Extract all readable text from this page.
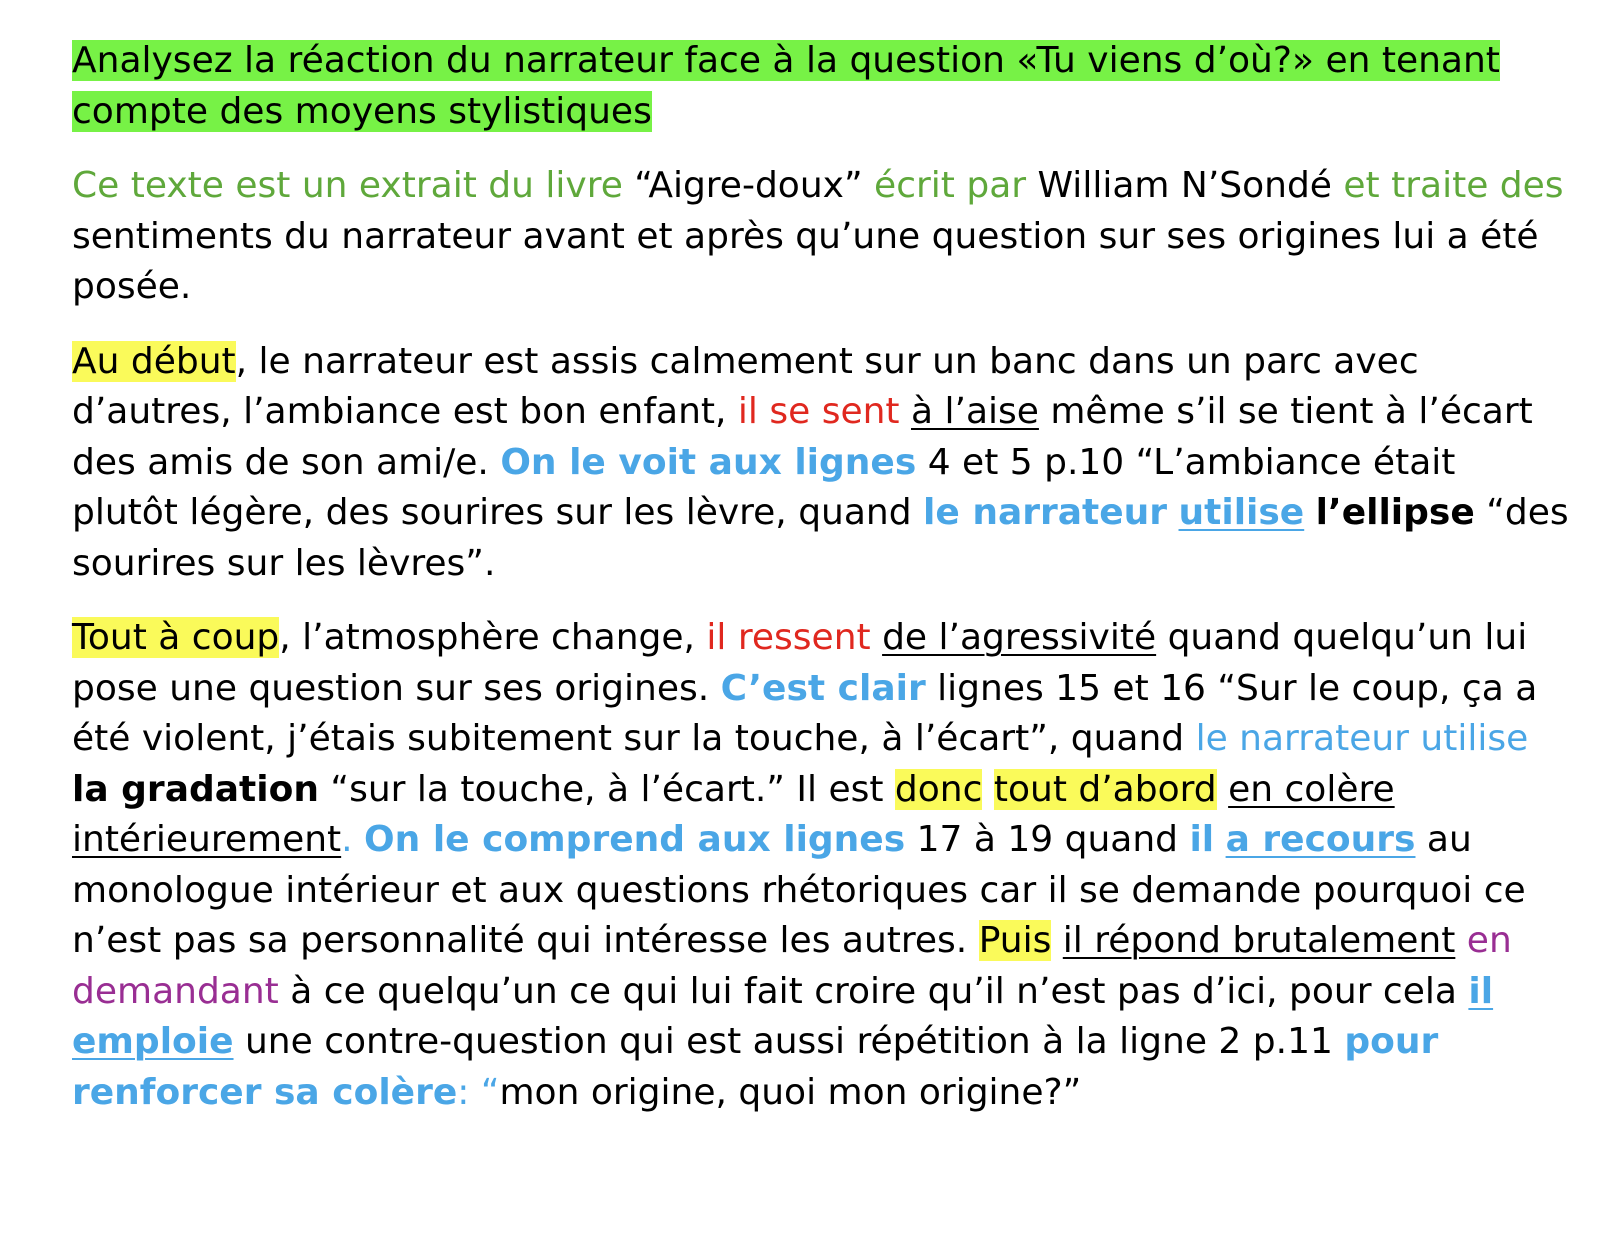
Analysez la réaction du narrateur face à la question «Tu viens d’où?» en tenant compte des moyens stylistiques

Ce texte est un extrait du livre “Aigre-doux” écrit par William N’Sondé et traite des sentiments du narrateur avant et après qu’une question sur ses origines lui a été posée.

Au début, le narrateur est assis calmement sur un banc dans un parc avec d’autres, l’ambiance est bon enfant, il se sent à l’aise même s’il se tient à l’écart des amis de son ami/e. On le voit aux lignes 4 et 5 p.10 “L’ambiance était plutôt légère, des sourires sur les lèvre, quand le narrateur utilise l’ellipse “des sourires sur les lèvres”.

Tout à coup, l’atmosphère change, il ressent de l’agressivité quand quelqu’un lui pose une question sur ses origines. C’est clair lignes 15 et 16 “Sur le coup, ça a été violent, j’étais subitement sur la touche, à l’écart”, quand le narrateur utilise la gradation “sur la touche, à l’écart.” Il est donc tout d’abord en colère intérieurement. On le comprend aux lignes 17 à 19 quand il a recours au monologue intérieur et aux questions rhétoriques car il se demande pourquoi ce n’est pas sa personnalité qui intéresse les autres. Puis il répond brutalement en demandant à ce quelqu’un ce qui lui fait croire qu’il n’est pas d’ici, pour cela il emploie une contre-question qui est aussi répétition à la ligne 2 p.11 pour renforcer sa colère: “mon origine, quoi mon origine?”
